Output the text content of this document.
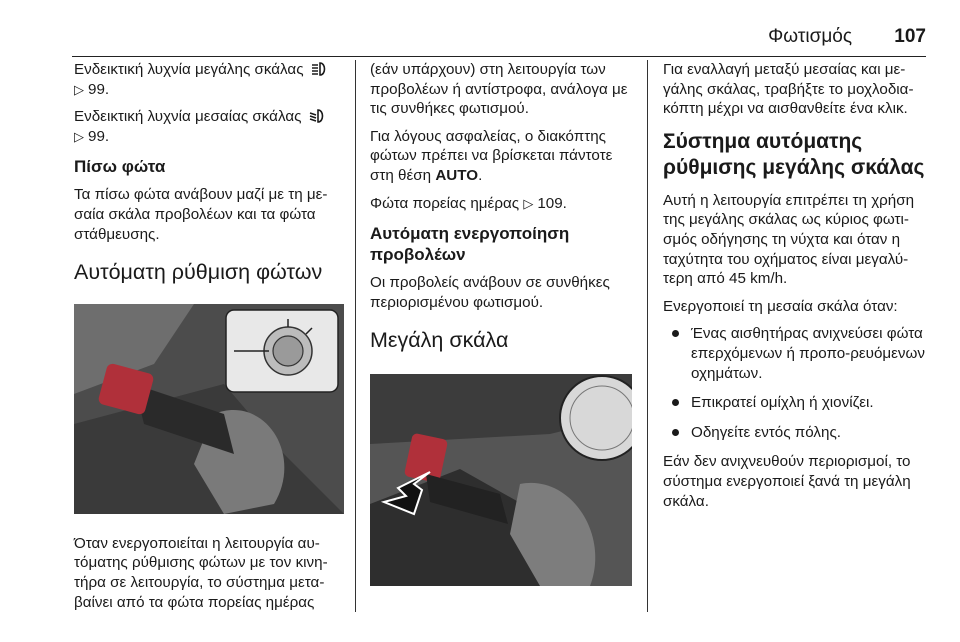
Φωτισμός 107

Ενδεικτική λυχνία μεγάλης σκάλας
▷ 99.

Ενδεικτική λυχνία μεσαίας σκάλας
▷ 99.

Πίσω φώτα

Τα πίσω φώτα ανάβουν μαζί με τη με-σαία σκάλα προβολέων και τα φώτα στάθμευσης.

Αυτόματη ρύθμιση φώτων

Όταν ενεργοποιείται η λειτουργία αυ-τόματης ρύθμισης φώτων με τον κινη-τήρα σε λειτουργία, το σύστημα μετα-βαίνει από τα φώτα πορείας ημέρας

(εάν υπάρχουν) στη λειτουργία των προβολέων ή αντίστροφα, ανάλογα με τις συνθήκες φωτισμού.

Για λόγους ασφαλείας, ο διακόπτης φώτων πρέπει να βρίσκεται πάντοτε στη θέση AUTO.

Φώτα πορείας ημέρας ▷ 109.

Αυτόματη ενεργοποίηση προβολέων

Οι προβολείς ανάβουν σε συνθήκες περιορισμένου φωτισμού.

Μεγάλη σκάλα

Για εναλλαγή μεταξύ μεσαίας και με-γάλης σκάλας, τραβήξτε το μοχλοδια-κόπτη μέχρι να αισθανθείτε ένα κλικ.

Σύστημα αυτόματης ρύθμισης μεγάλης σκάλας

Αυτή η λειτουργία επιτρέπει τη χρήση της μεγάλης σκάλας ως κύριος φωτι-σμός οδήγησης τη νύχτα και όταν η ταχύτητα του οχήματος είναι μεγαλύ-τερη από 45 km/h.

Ενεργοποιεί τη μεσαία σκάλα όταν:

Ένας αισθητήρας ανιχνεύσει φώτα επερχόμενων ή προπο-ρευόμενων οχημάτων.
Επικρατεί ομίχλη ή χιονίζει.
Οδηγείτε εντός πόλης.

Εάν δεν ανιχνευθούν περιορισμοί, το σύστημα ενεργοποιεί ξανά τη μεγάλη σκάλα.
